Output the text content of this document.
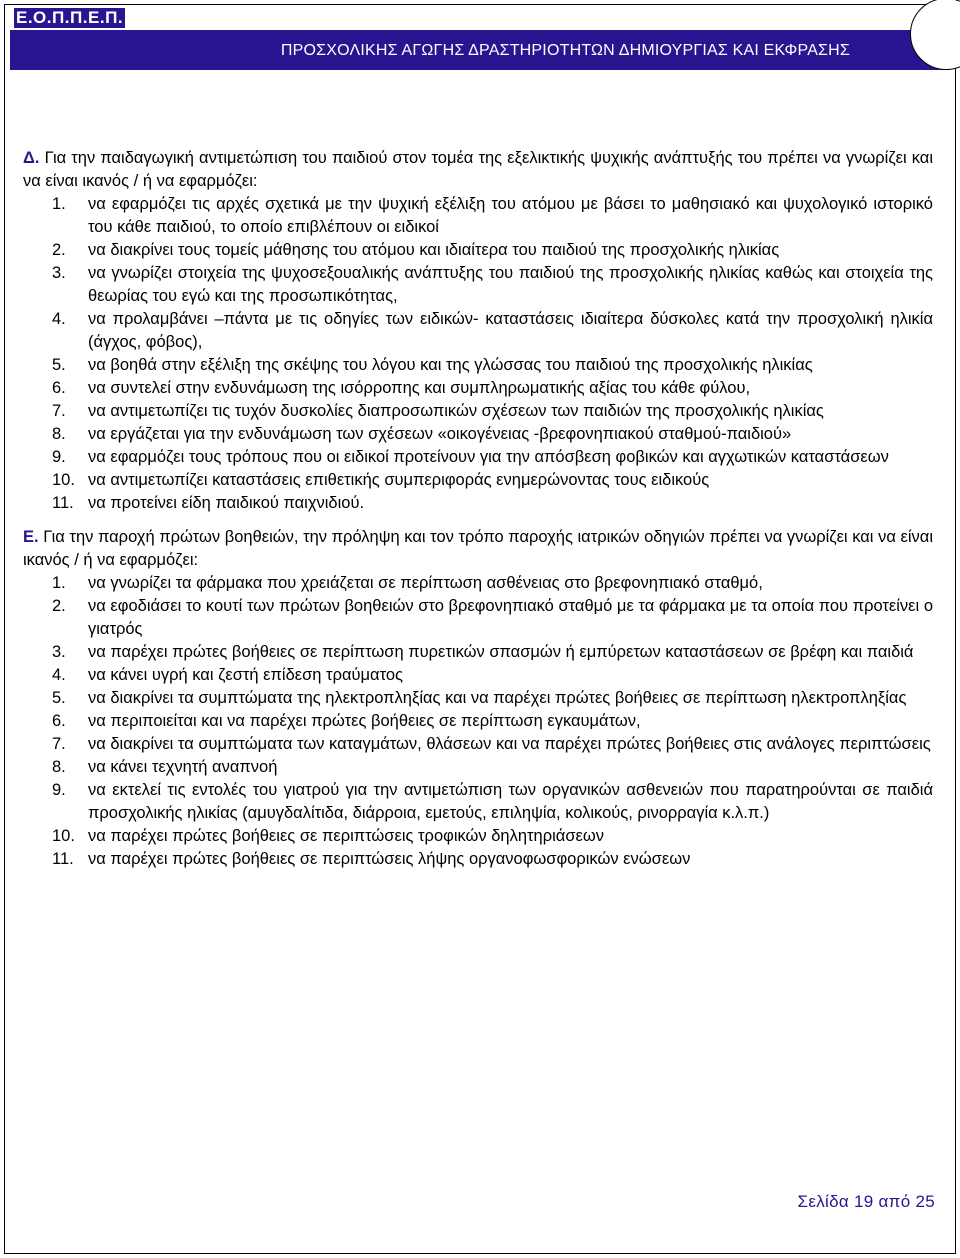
Ε.Ο.Π.Π.Ε.Π.
ΠΡΟΣΧΟΛΙΚΗΣ ΑΓΩΓΗΣ ΔΡΑΣΤΗΡΙΟΤΗΤΩΝ ΔΗΜΙΟΥΡΓΙΑΣ ΚΑΙ ΕΚΦΡΑΣΗΣ
Δ. Για την παιδαγωγική αντιμετώπιση του παιδιού στον τομέα της εξελικτικής ψυχικής ανάπτυξής του πρέπει να γνωρίζει και να είναι ικανός / ή να εφαρμόζει:
1. να εφαρμόζει τις αρχές σχετικά με την ψυχική εξέλιξη του ατόμου με βάσει το μαθησιακό και ψυχολογικό ιστορικό του κάθε παιδιού, το οποίο επιβλέπουν οι ειδικοί
2. να διακρίνει τους τομείς μάθησης του ατόμου και ιδιαίτερα του παιδιού της προσχολικής ηλικίας
3. να γνωρίζει στοιχεία της ψυχοσεξουαλικής ανάπτυξης του παιδιού της προσχολικής ηλικίας καθώς και στοιχεία της θεωρίας του εγώ και της προσωπικότητας,
4. να προλαμβάνει –πάντα με τις οδηγίες των ειδικών- καταστάσεις ιδιαίτερα δύσκολες κατά την προσχολική ηλικία (άγχος, φόβος),
5. να βοηθά στην εξέλιξη της σκέψης του λόγου και της γλώσσας του παιδιού της προσχολικής ηλικίας
6. να συντελεί στην ενδυνάμωση της ισόρροπης και συμπληρωματικής αξίας του κάθε φύλου,
7. να αντιμετωπίζει τις τυχόν δυσκολίες διαπροσωπικών σχέσεων των παιδιών της προσχολικής ηλικίας
8. να εργάζεται για την ενδυνάμωση των σχέσεων «οικογένειας -βρεφονηπιακού σταθμού-παιδιού»
9. να εφαρμόζει τους τρόπους που οι ειδικοί προτείνουν για την απόσβεση φοβικών και αγχωτικών καταστάσεων
10. να αντιμετωπίζει καταστάσεις επιθετικής συμπεριφοράς ενημερώνοντας τους ειδικούς
11. να προτείνει είδη παιδικού παιχνιδιού.
Ε. Για την παροχή πρώτων βοηθειών, την πρόληψη και τον τρόπο παροχής ιατρικών οδηγιών πρέπει να γνωρίζει και να είναι ικανός / ή να εφαρμόζει:
1. να γνωρίζει τα φάρμακα που χρειάζεται σε περίπτωση ασθένειας στο βρεφονηπιακό σταθμό,
2. να εφοδιάσει το κουτί των πρώτων βοηθειών στο βρεφονηπιακό σταθμό με τα φάρμακα με τα οποία που προτείνει ο γιατρός
3. να παρέχει πρώτες βοήθειες σε περίπτωση πυρετικών σπασμών ή εμπύρετων καταστάσεων σε βρέφη και παιδιά
4. να κάνει υγρή και ζεστή επίδεση τραύματος
5. να διακρίνει τα συμπτώματα της ηλεκτροπληξίας και να παρέχει πρώτες βοήθειες σε περίπτωση ηλεκτροπληξίας
6. να περιποιείται και να παρέχει πρώτες βοήθειες σε περίπτωση εγκαυμάτων,
7. να διακρίνει τα συμπτώματα των καταγμάτων, θλάσεων και να παρέχει πρώτες βοήθειες στις ανάλογες περιπτώσεις
8. να κάνει τεχνητή αναπνοή
9. να εκτελεί τις εντολές του γιατρού για την αντιμετώπιση των οργανικών ασθενειών που παρατηρούνται σε παιδιά προσχολικής ηλικίας (αμυγδαλίτιδα, διάρροια, εμετούς, επιληψία, κολικούς, ρινορραγία κ.λ.π.)
10. να παρέχει πρώτες βοήθειες σε περιπτώσεις τροφικών δηλητηριάσεων
11. να παρέχει πρώτες βοήθειες σε περιπτώσεις λήψης οργανοφωσφορικών ενώσεων
Σελίδα 19 από 25
